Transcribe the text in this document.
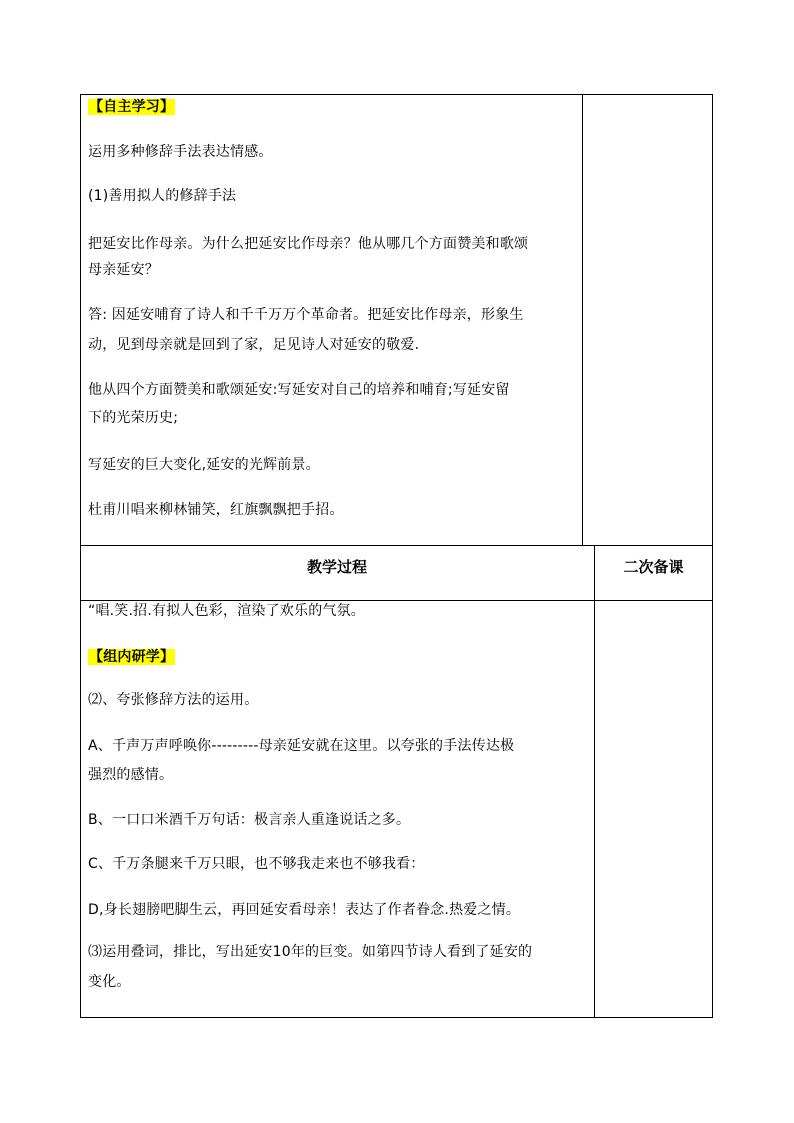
【自主学习】
运用多种修辞手法表达情感。
(1)善用拟人的修辞手法
把延安比作母亲。为什么把延安比作母亲？他从哪几个方面赞美和歌颂
母亲延安？
答: 因延安哺育了诗人和千千万万个革命者。把延安比作母亲，形象生
动，见到母亲就是回到了家，足见诗人对延安的敬爱.
他从四个方面赞美和歌颂延安:写延安对自己的培养和哺育;写延安留
下的光荣历史;
写延安的巨大变化,延安的光辉前景。
杜甫川唱来柳林铺笑，红旗飘飘把手招。
教学过程	二次备课
“唱.笑.招.有拟人色彩，渲染了欢乐的气氛。
【组内研学】
⑵、夸张修辞方法的运用。
A、千声万声呼唤你---------母亲延安就在这里。以夸张的手法传达极
强烈的感情。
B、一口口米酒千万句话：极言亲人重逢说话之多。
C、千万条腿来千万只眼，也不够我走来也不够我看：
D,身长翅膀吧脚生云，再回延安看母亲！表达了作者眷念.热爱之情。
⑶运用叠词，排比，写出延安10年的巨变。如第四节诗人看到了延安的
变化。
